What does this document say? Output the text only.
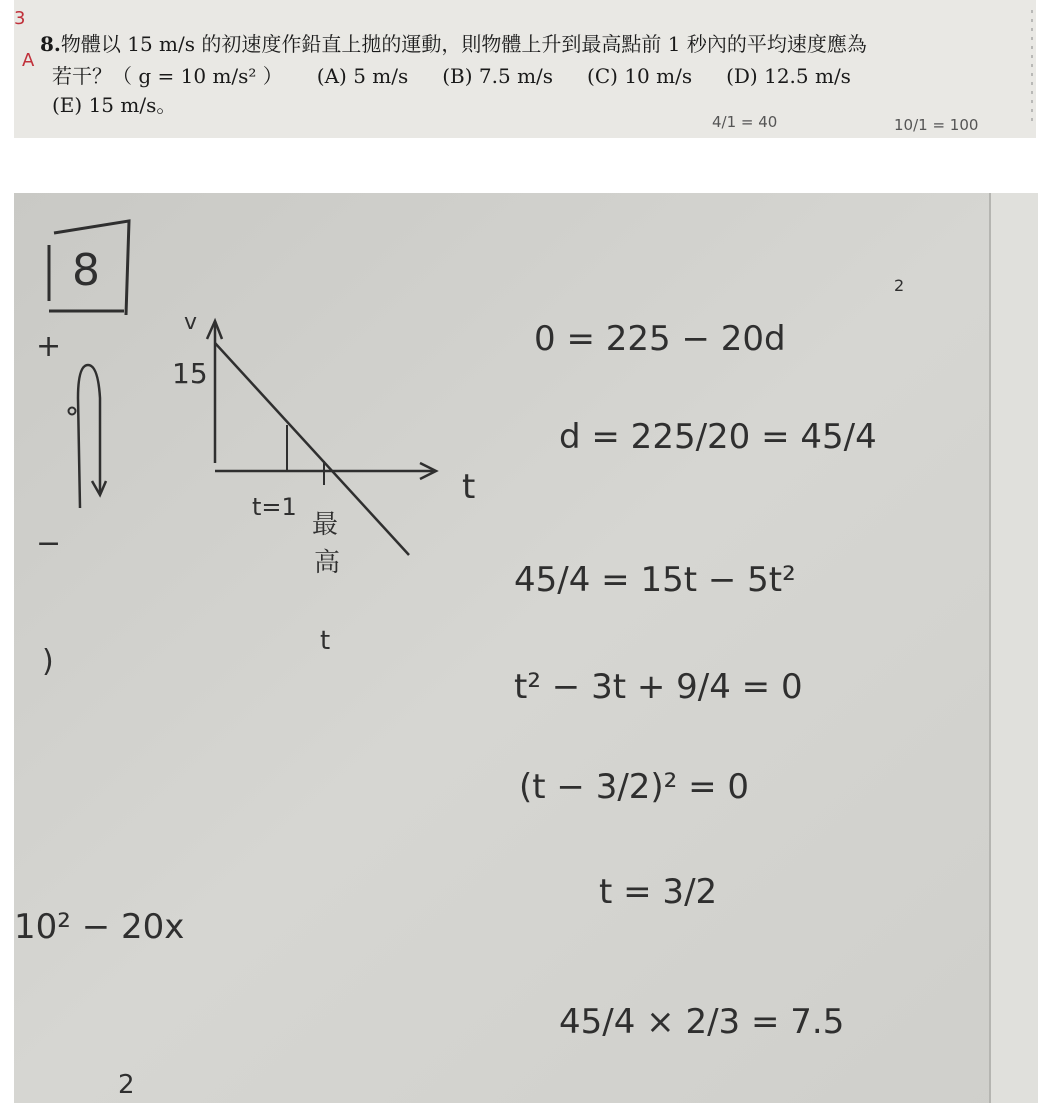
3
A
8.物體以 15 m/s 的初速度作鉛直上拋的運動，則物體上升到最高點前 1 秒內的平均速度應為
若干？（ g = 10 m/s² ） (A) 5 m/s (B) 7.5 m/s (C) 10 m/s (D) 12.5 m/s
(E) 15 m/s。
4/1 = 40	10/1 = 100
8
+
−
)
v
t
15
t=1
最
高
t
0 = 225 − 20d
d = 225/20 = 45/4
45/4 = 15t − 5t²
t² − 3t + 9/4 = 0
(t − 3/2)² = 0
t = 3/2
45/4 × 2/3 = 7.5
2
10² − 20x
2
